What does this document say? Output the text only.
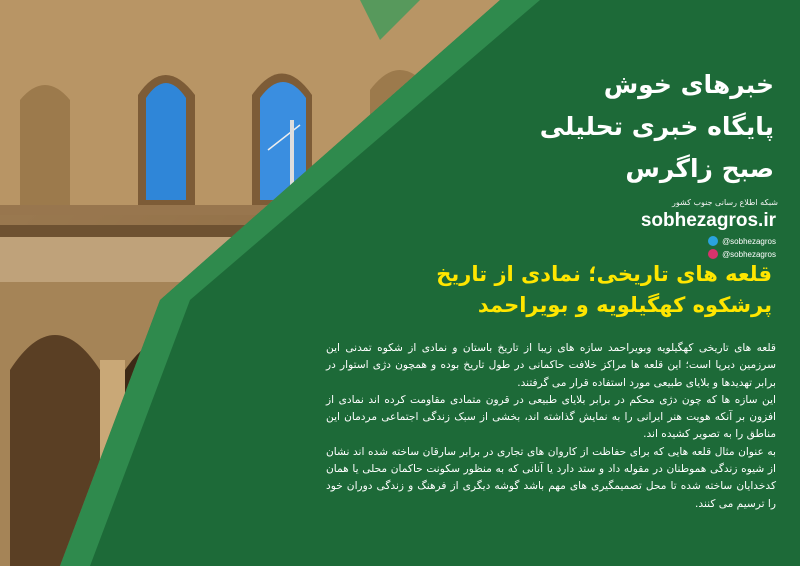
خبرهای خوش
پایگاه خبری تحلیلی
صبح زاگرس
شبکه اطلاع رسانی جنوب کشور
sobhezagros.ir
@sobhezagros
@sobhezagros
قلعه های تاریخی؛ نمادی از تاریخ
پرشکوه کهگیلویه و بویراحمد

قلعه های تاریخی کهگیلویه وبویراحمد سازه های زیبا از تاریخ باستان و نمادی از شکوه تمدنی این سرزمین دیرپا است؛ این قلعه ها مراکز خلافت حاکمانی در طول تاریخ بوده و همچون دژی استوار در برابر تهدیدها و بلایای طبیعی مورد استفاده قرار می گرفتند.

این سازه ها که چون دژی محکم در برابر بلایای طبیعی در قرون متمادی مقاومت کرده اند نمادی از افزون بر آنکه هویت هنر ایرانی را به نمایش گذاشته اند، بخشی از سبک زندگی اجتماعی مردمان این مناطق را به تصویر کشیده اند.

به عنوان مثال قلعه هایی که برای حفاظت از کاروان های تجاری در برابر سارقان ساخته شده اند نشان از شیوه زندگی هموطنان در مقوله داد و ستد دارد یا آنانی که به منظور سکونت حاکمان محلی یا همان کدخدایان ساخته شده تا محل تصمیمگیری های مهم باشد گوشه دیگری از فرهنگ و زندگی دوران خود را ترسیم می کنند.
